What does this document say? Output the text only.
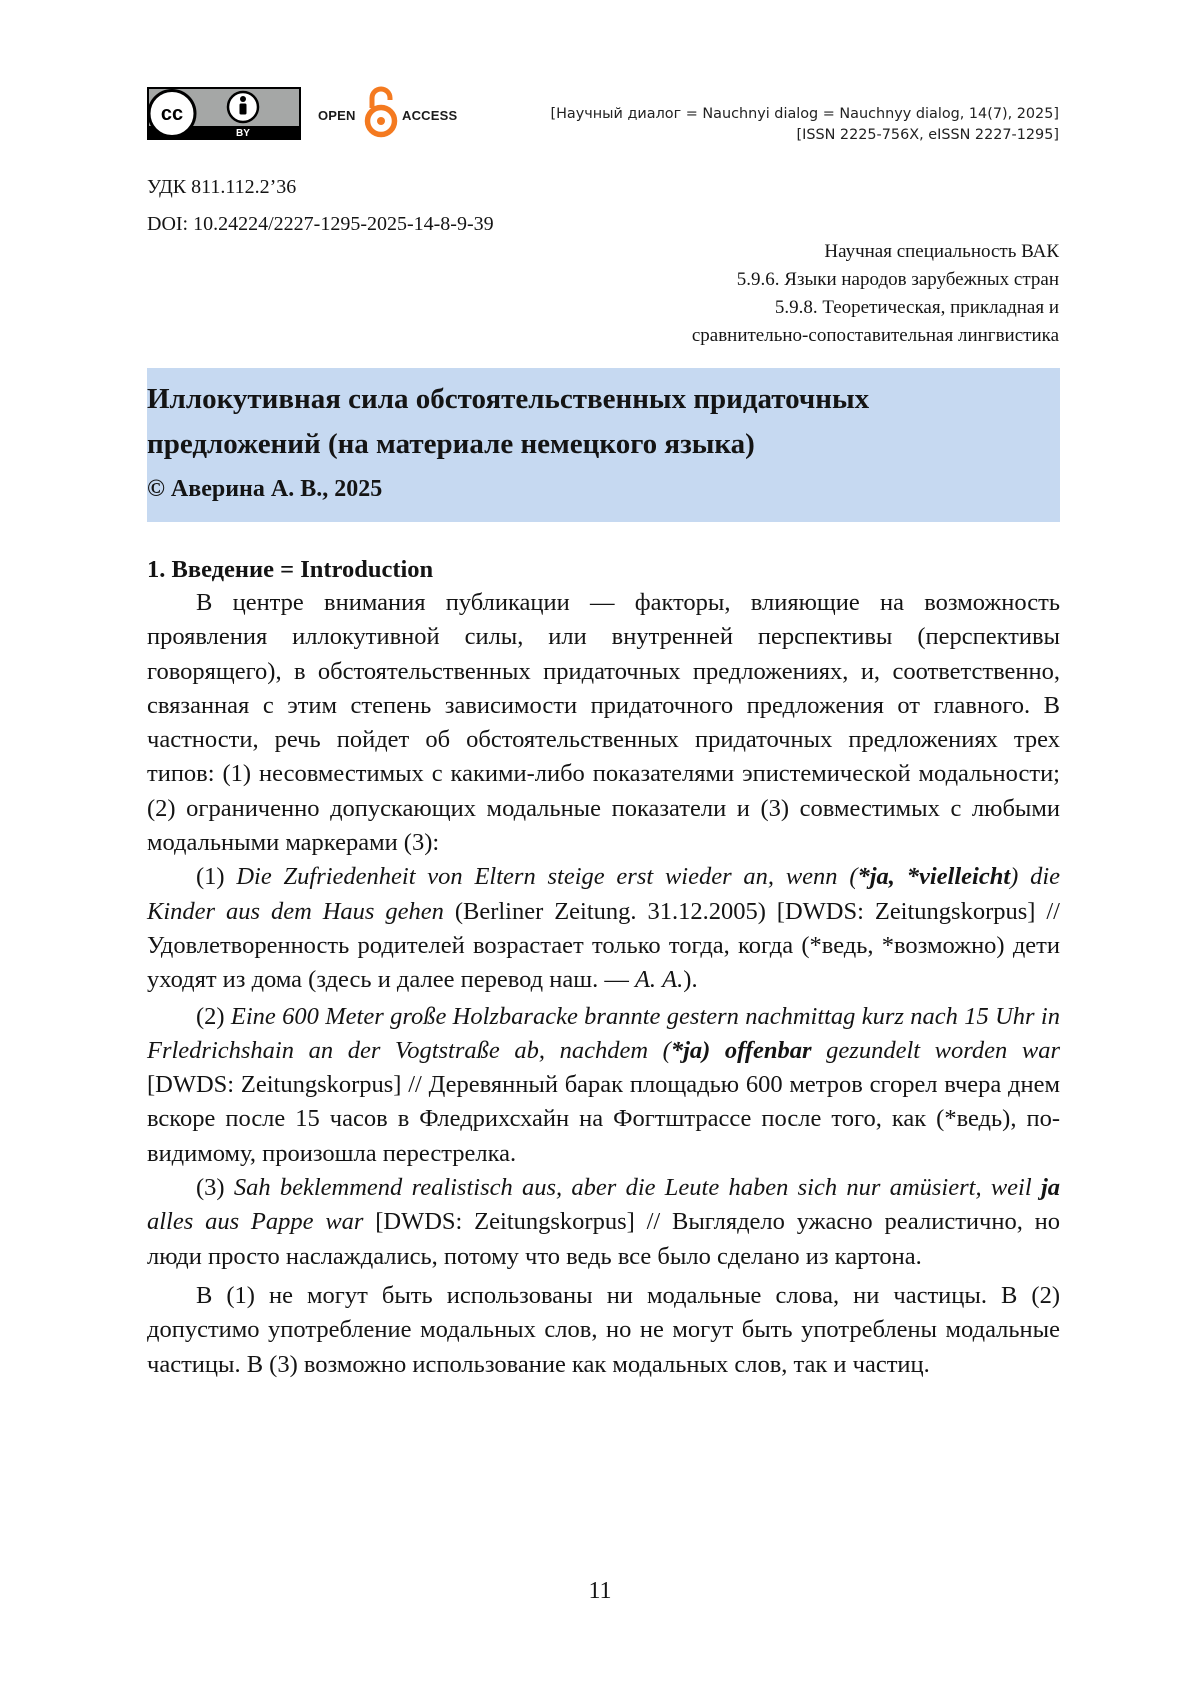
cc
BY
OPEN	ACCESS	[Научный диалог = Nauchnyi dialog = Nauchnyy dialog, 14(7), 2025]
[ISSN 2225-756X, eISSN 2227-1295]
УДК 811.112.2’36
DOI: 10.24224/2227-1295-2025-14-8-9-39
Научная специальность ВАК
5.9.6. Языки народов зарубежных стран
5.9.8. Теоретическая, прикладная и
сравнительно-сопоставительная лингвистика
Иллокутивная сила обстоятельственных придаточных
предложений (на материале немецкого языка)

© Аверина А. В., 2025

1. Введение = Introduction

В центре внимания публикации — факторы, влияющие на возможность проявления иллокутивной силы, или внутренней перспективы (перспективы говорящего), в обстоятельственных придаточных предложениях, и, соответственно, связанная с этим степень зависимости придаточного предложения от главного. В частности, речь пойдет об обстоятельственных придаточных предложениях трех типов: (1) несовместимых с какими-либо показателями эпистемической модальности; (2) ограниченно допускающих модальные показатели и (3) совместимых с любыми модальными маркерами (3):

(1) Die Zufriedenheit von Eltern steige erst wieder an, wenn (*ja, *vielleicht) die Kinder aus dem Haus gehen (Berliner Zeitung. 31.12.2005) [DWDS: Zeitungskorpus] // Удовлетворенность родителей возрастает только тогда, когда (*ведь, *возможно) дети уходят из дома (здесь и далее перевод наш. — А. А.).

(2) Eine 600 Meter große Holzbaracke brannte gestern nachmittag kurz nach 15 Uhr in Frledrichshain an der Vogtstraße ab, nachdem (*ja) offenbar gezundelt worden war [DWDS: Zeitungskorpus] // Деревянный барак площадью 600 метров сгорел вчера днем вскоре после 15 часов в Фледрихсхайн на Фогтштрассе после того, как (*ведь), по-видимому, произошла перестрелка.

(3) Sah beklemmend realistisch aus, aber die Leute haben sich nur amüsiert, weil ja alles aus Pappe war [DWDS: Zeitungskorpus] // Выглядело ужасно реалистично, но люди просто наслаждались, потому что ведь все было сделано из картона.

В (1) не могут быть использованы ни модальные слова, ни частицы. В (2) допустимо употребление модальных слов, но не могут быть употреблены модальные частицы. В (3) возможно использование как модальных слов, так и частиц.

11
